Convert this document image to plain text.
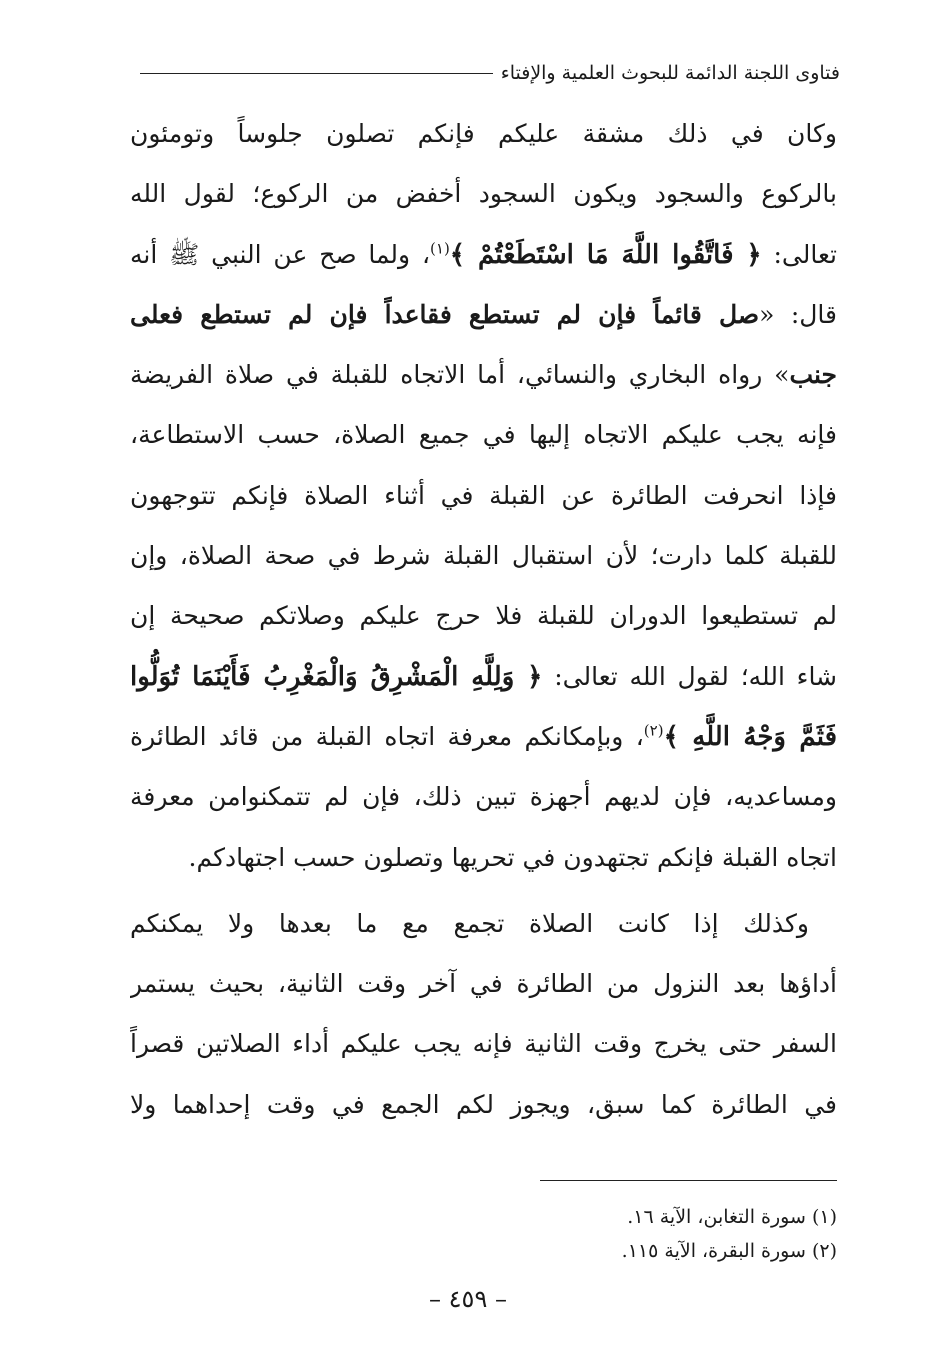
فتاوى اللجنة الدائمة للبحوث العلمية والإفتاء
وكان في ذلك مشقة عليكم فإنكم تصلون جلوساً وتومئون
بالركوع والسجود ويكون السجود أخفض من الركوع؛ لقول الله
تعالى: ﴿ فَاتَّقُوا اللَّهَ مَا اسْتَطَعْتُمْ ﴾$^{(١)}$، ولما صح عن النبي ﷺ أنه
قال: «صل قائماً فإن لم تستطع فقاعداً فإن لم تستطع فعلى
جنب» رواه البخاري والنسائي، أما الاتجاه للقبلة في صلاة الفريضة
فإنه يجب عليكم الاتجاه إليها في جميع الصلاة، حسب الاستطاعة،
فإذا انحرفت الطائرة عن القبلة في أثناء الصلاة فإنكم تتوجهون
للقبلة كلما دارت؛ لأن استقبال القبلة شرط في صحة الصلاة، وإن
لم تستطيعوا الدوران للقبلة فلا حرج عليكم وصلاتكم صحيحة إن
شاء الله؛ لقول الله تعالى: ﴿ وَلِلَّهِ الْمَشْرِقُ وَالْمَغْرِبُ فَأَيْنَمَا تُوَلُّوا
فَثَمَّ وَجْهُ اللَّهِ ﴾$^{(٢)}$، وبإمكانكم معرفة اتجاه القبلة من قائد الطائرة
ومساعديه، فإن لديهم أجهزة تبين ذلك، فإن لم تتمكنوامن معرفة
اتجاه القبلة فإنكم تجتهدون في تحريها وتصلون حسب اجتهادكم.
وكذلك إذا كانت الصلاة تجمع مع ما بعدها ولا يمكنكم
أداؤها بعد النزول من الطائرة في آخر وقت الثانية، بحيث يستمر
السفر حتى يخرج وقت الثانية فإنه يجب عليكم أداء الصلاتين قصراً
في الطائرة كما سبق، ويجوز لكم الجمع في وقت إحداهما ولا
(١) سورة التغابن، الآية ١٦.
(٢) سورة البقرة، الآية ١١٥.
– ٤٥٩ –
